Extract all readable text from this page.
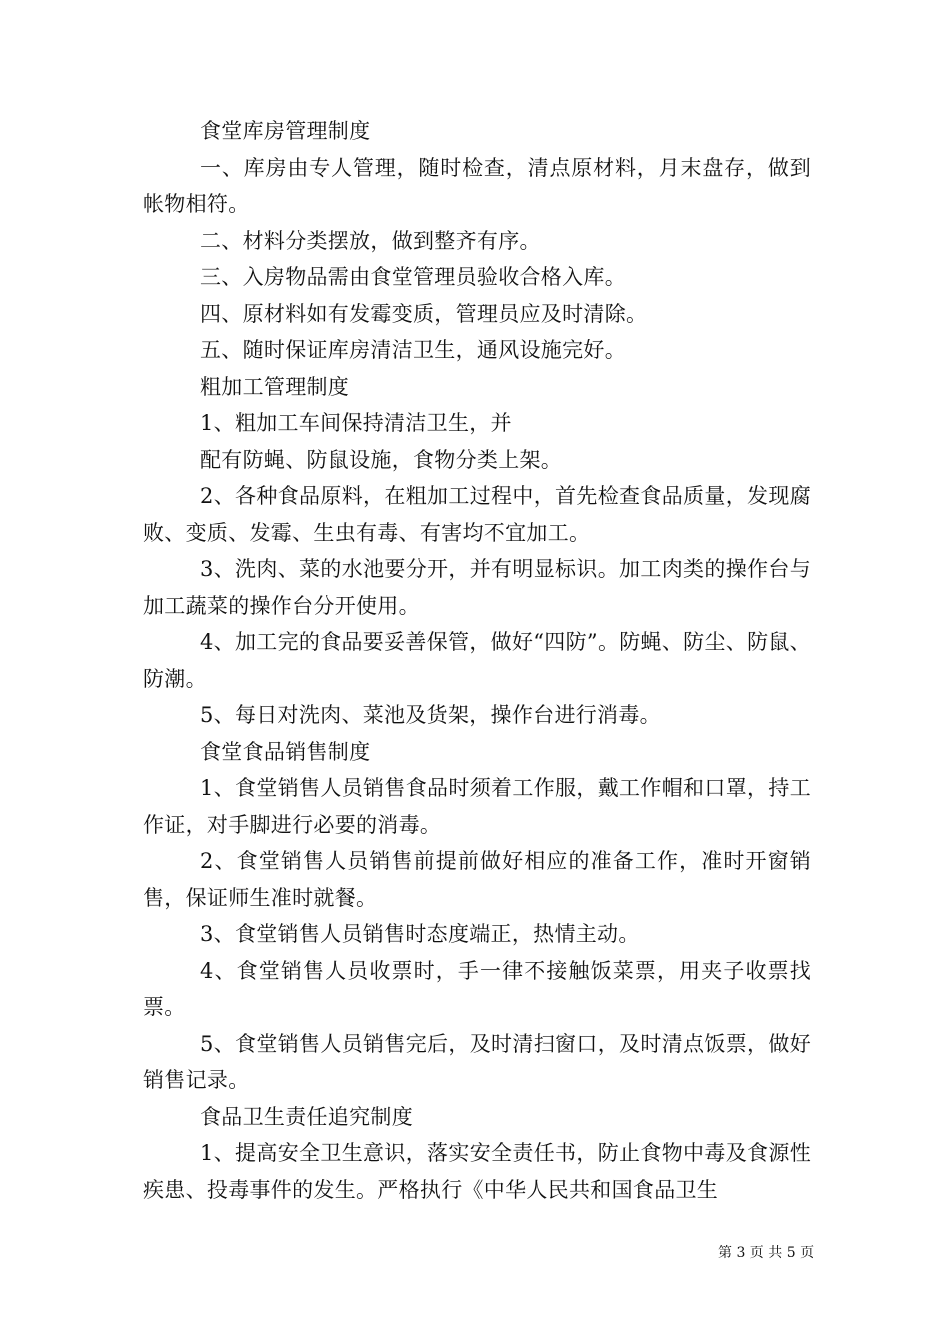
食堂库房管理制度

一、库房由专人管理，随时检查，清点原材料，月末盘存，做到帐物相符。

二、材料分类摆放，做到整齐有序。

三、入房物品需由食堂管理员验收合格入库。

四、原材料如有发霉变质，管理员应及时清除。

五、随时保证库房清洁卫生，通风设施完好。

粗加工管理制度

1、粗加工车间保持清洁卫生，并

配有防蝇、防鼠设施，食物分类上架。

2、各种食品原料，在粗加工过程中，首先检查食品质量，发现腐败、变质、发霉、生虫有毒、有害均不宜加工。

3、洗肉、菜的水池要分开，并有明显标识。加工肉类的操作台与加工蔬菜的操作台分开使用。

4、加工完的食品要妥善保管，做好“四防”。防蝇、防尘、防鼠、防潮。

5、每日对洗肉、菜池及货架，操作台进行消毒。

食堂食品销售制度

1、食堂销售人员销售食品时须着工作服，戴工作帽和口罩，持工作证，对手脚进行必要的消毒。

2、食堂销售人员销售前提前做好相应的准备工作，准时开窗销售，保证师生准时就餐。

3、食堂销售人员销售时态度端正，热情主动。

4、食堂销售人员收票时，手一律不接触饭菜票，用夹子收票找票。

5、食堂销售人员销售完后，及时清扫窗口，及时清点饭票，做好销售记录。

食品卫生责任追究制度

1、提高安全卫生意识，落实安全责任书，防止食物中毒及食源性疾患、投毒事件的发生。严格执行《中华人民共和国食品卫生

第 3 页 共 5 页
